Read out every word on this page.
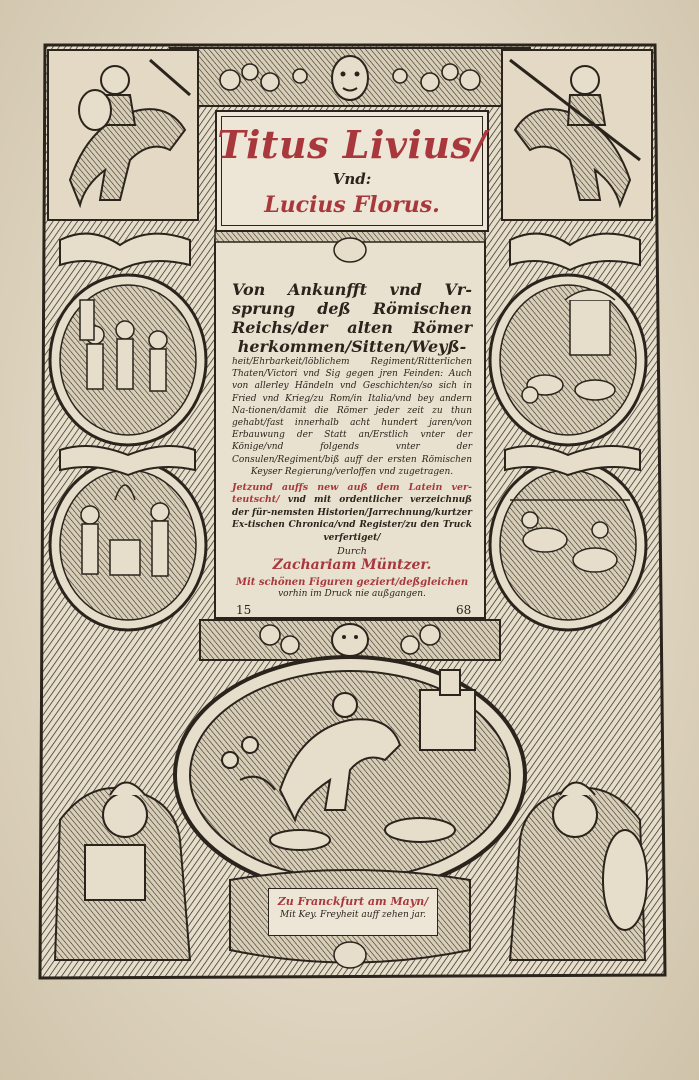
Titus Livius/
Vnd:
Lucius Florus.

Von Ankunfft vnd Vr-sprung deß Römischen Reichs/der alten Römer herkommen/Sitten/Weyß-

heit/Ehrbarkeit/löblichem Regiment/Ritterlichen Thaten/Victori vnd Sig gegen jren Feinden: Auch von allerley Händeln vnd Geschichten/so sich in Fried vnd Krieg/zu Rom/in Italia/vnd bey andern Na-tionen/damit die Römer jeder zeit zu thun gehabt/fast innerhalb acht hundert jaren/von Erbauwung der Statt an/Erstlich vnter der Könige/vnd folgends vnter der Consulen/Regiment/biß auff der ersten Römischen Keyser Regierung/verloffen vnd zugetragen.

Jetzund auffs new auß dem Latein ver-teutscht/ vnd mit ordentlicher verzeichnuß der für-nemsten Historien/Jarrechnung/kurtzer Ex-tischen Chronica/vnd Register/zu den Truck verfertiget/

Durch

Zachariam Müntzer.

Mit schönen Figuren geziert/deßgleichen

vorhin im Druck nie außgangen.

15	68
Zu Franckfurt am Mayn/
Mit Key. Freyheit auff zehen jar.
